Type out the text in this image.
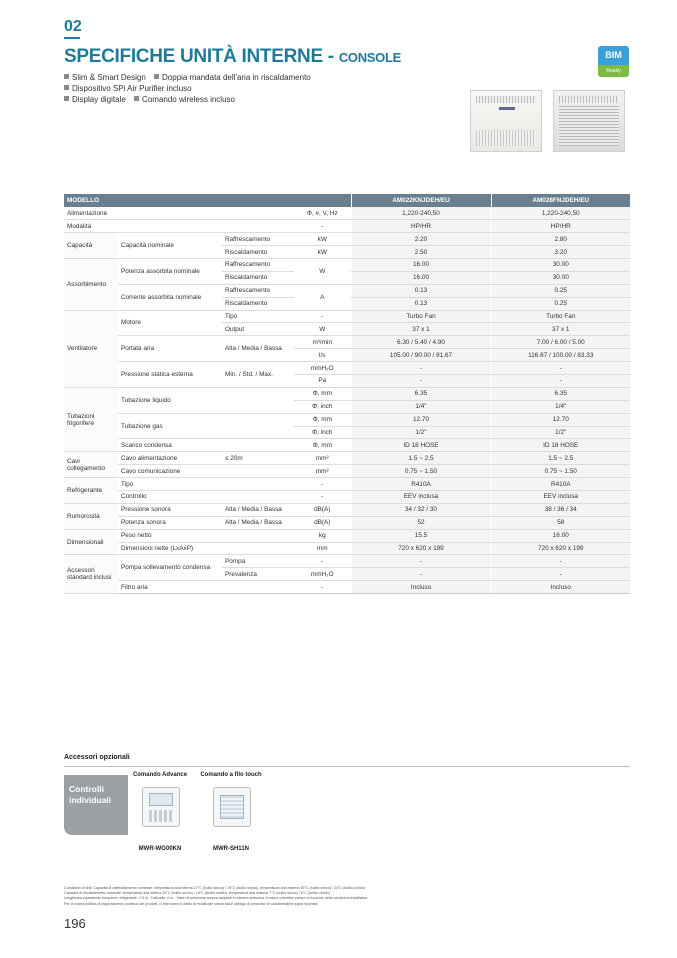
02
SPECIFICHE UNITÀ INTERNE - CONSOLE
Slim & Smart Design Doppia mandata dell'aria in riscaldamento Dispositivo SPi Air Purifier incluso
Display digitale Comando wireless incluso
BIM
Ready
MODELLO				AM022KNJDEH/EU	AM028FNJDEH/EU
Alimentazione			Φ, #, V, Hz	1,220-240,50	1,220-240,50
Modalità			-	HP/HR	HP/HR
Capacità	Capacità nominale	Raffrescamento	kW	2.20	2.80
		Riscaldamento	kW	2.50	3.20
Assorbimento	Potenza assorbita nominale	Raffrescamento	W	16.00	30.00
		Riscaldamento		16.00	30.00
	Corrente assorbita nominale	Raffrescamento	A	0.13	0.25
		Riscaldamento		0.13	0.25
Ventilatore	Motore	Tipo	-	Turbo Fan	Turbo Fan
		Output	W	37 x 1	37 x 1
	Portata aria	Alta / Media / Bassa	m³/min	6.30 / 5.40 / 4.90	7.00 / 6.00 / 5.00
			l/s	105.00 / 90.00 / 81.67	116.67 / 100.00 / 83.33
	Pressione statica esterna	Min. / Std. / Max.	mmH₂O	-	-
			Pa	-	-
Tubazioni frigorifere	Tubazione liquido		Φ, mm	6.35	6.35
			Φ, inch	1/4"	1/4"
	Tubazione gas		Φ, mm	12.70	12.70
			Φ, inch	1/2"	1/2"
	Scarico condensa		Φ, mm	ID 18 HOSE	ID 18 HOSE
Cavi collegamento	Cavo alimentazione	≤ 20m	mm²	1.5 ~ 2.5	1.5 ~ 2.5
	Cavo comunicazione		mm²	0.75 ~ 1.50	0.75 ~ 1.50
Refrigerante	Tipo		-	R410A	R410A
	Controllo		-	EEV inclusa	EEV inclusa
Rumorosità	Pressione sonora	Alta / Media / Bassa	dB(A)	34 / 32 / 30	38 / 36 / 34
	Potenza sonora	Alta / Media / Bassa	dB(A)	52	58
Dimensionali	Peso netto		kg	15.5	16.00
	Dimensioni nette (LxAxP)		mm	720 x 620 x 199	720 x 620 x 199
Accessori standard inclusi	Pompa sollevamento condensa	Pompa	-	-	-
		Prevalenza	mmH₂O	-	-
	Filtro aria		-	Incluso	Incluso
Accessori opzionali
Controlli individuali
Comando Advance
MWR-WG00KN
Comando a filo touch
MWR-SH11N
Condizioni di test: Capacità di raffreddamento nominale: temperatura aria interna 27°C (bulbo secco) / 19°C (bulbo umido), temperatura aria esterna 35°C (bulbo secco) / 24°C (bulbo umido)
Capacità di riscaldamento nominale: temperatura aria interna 20°C (bulbo secco) / 15°C (bulbo umido), temperatura aria esterna 7°C (bulbo secco) / 6°C (bulbo umido)
Lunghezza equivalente tubazione refrigerante: 7.5 m - Dislivello: 0 m - Valori di pressione sonora acquisiti in camera anecoica. Il valore potrebbe variare in funzione delle condizioni installative.
Per la nostra politica di miglioramento continuo dei prodotti, ci riserviamo il diritto di modificare senza alcun obbligo di preavviso le caratteristiche sopra riportate.
196
